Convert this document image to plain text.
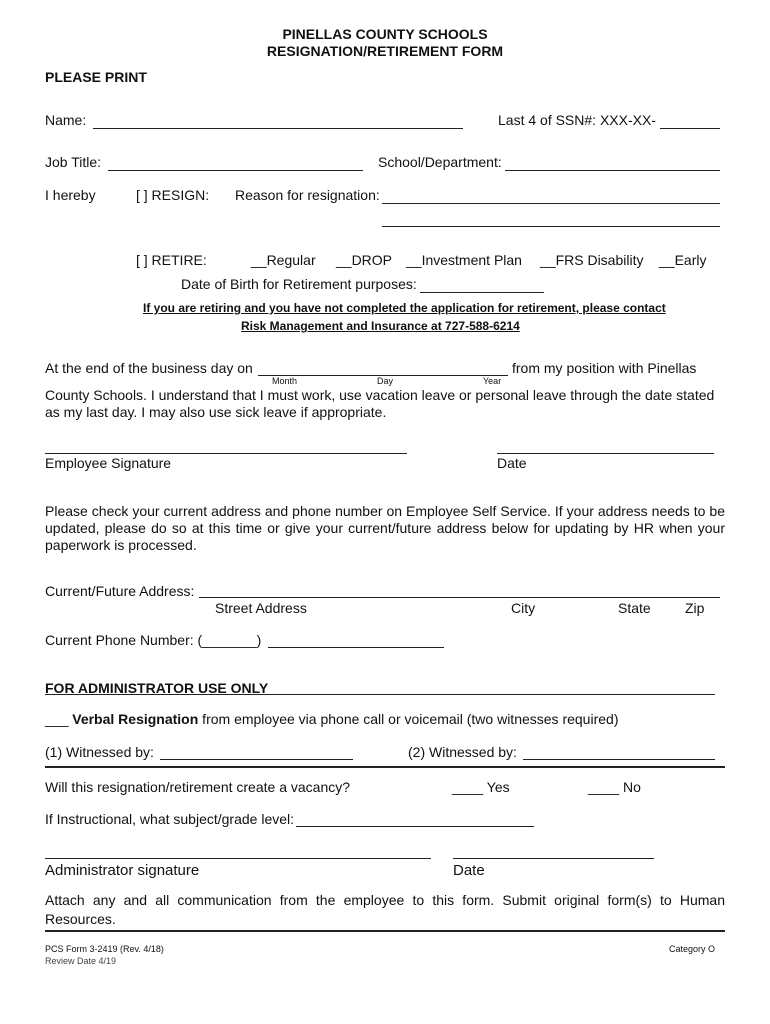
PINELLAS COUNTY SCHOOLS
RESIGNATION/RETIREMENT FORM
PLEASE PRINT
Name:	Last 4 of SSN#: XXX-XX-
Job Title:	School/Department:
I hereby	[ ] RESIGN: Reason for resignation:
[ ] RETIRE:	__Regular __DROP __Investment Plan __FRS Disability __Early
Date of Birth for Retirement purposes:
If you are retiring and you have not completed the application for retirement, please contact
Risk Management and Insurance at 727-588-6214
At the end of the business day on	from my position with Pinellas
Month	Day	Year
County Schools. I understand that I must work, use vacation leave or personal leave through the date stated
as my last day. I may also use sick leave if appropriate.
Employee Signature	Date
Please check your current address and phone number on Employee Self Service. If your address needs to be updated, please do so at this time or give your current/future address below for updating by HR when your paperwork is processed.
Current/Future Address:
Street Address	City	State Zip
Current Phone Number: (_______)
FOR ADMINISTRATOR USE ONLY
___ Verbal Resignation from employee via phone call or voicemail (two witnesses required)
(1) Witnessed by:	(2) Witnessed by:
Will this resignation/retirement create a vacancy?	____ Yes	____ No
If Instructional, what subject/grade level:
Administrator signature	Date
Attach any and all communication from the employee to this form. Submit original form(s) to Human Resources.
PCS Form 3-2419 (Rev. 4/18)
Review Date 4/19
Category O
